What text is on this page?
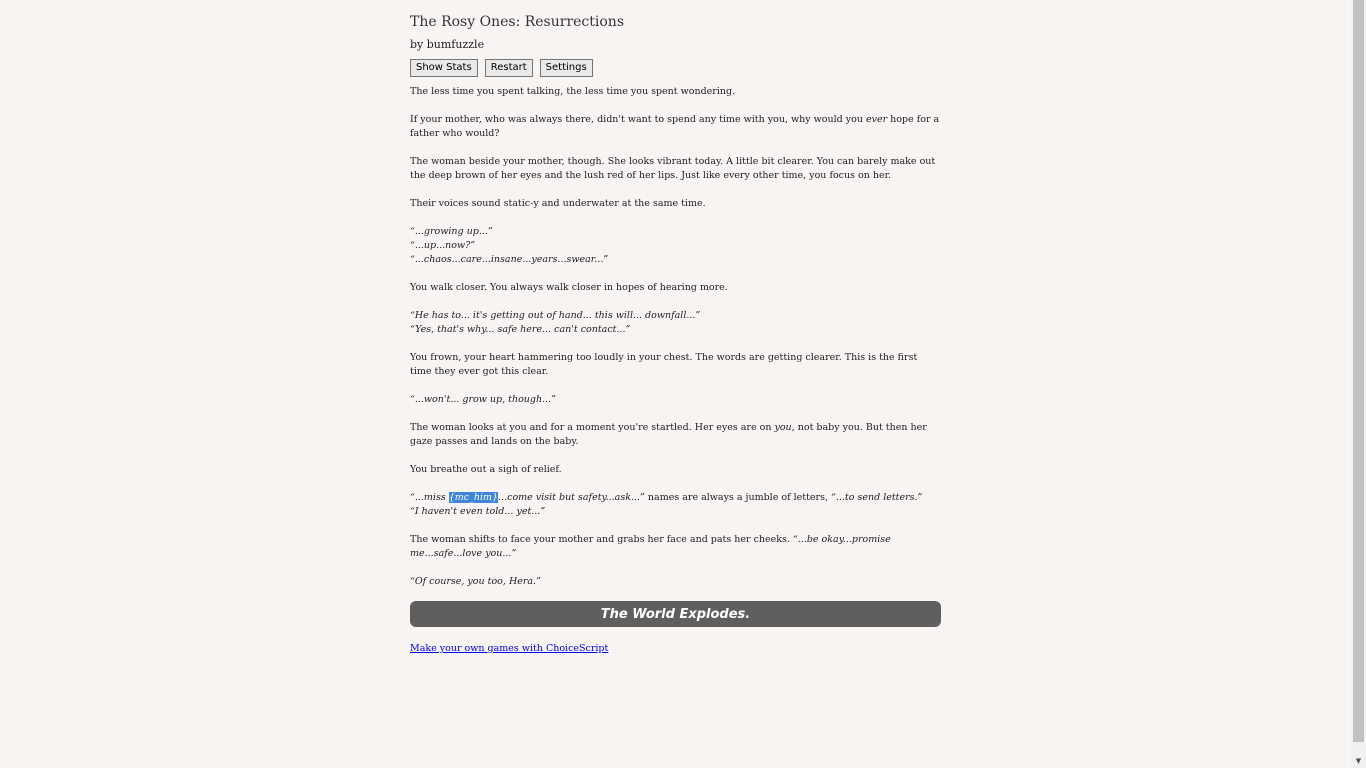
The Rosy Ones: Resurrections
by bumfuzzle
Show Stats	Restart	Settings

The less time you spent talking, the less time you spent wondering.

If your mother, who was always there, didn't want to spend any time with you, why would you ever hope for a father who would?

The woman beside your mother, though. She looks vibrant today. A little bit clearer. You can barely make out the deep brown of her eyes and the lush red of her lips. Just like every other time, you focus on her.

Their voices sound static-y and underwater at the same time.

“...growing up...”
“...up...now?”
“...chaos...care...insane...years...swear...”

You walk closer. You always walk closer in hopes of hearing more.

“He has to... it's getting out of hand... this will... downfall...”
“Yes, that's why... safe here... can't contact...”

You frown, your heart hammering too loudly in your chest. The words are getting clearer. This is the first time they ever got this clear.

“...won't... grow up, though...”

The woman looks at you and for a moment you're startled. Her eyes are on you, not baby you. But then her gaze passes and lands on the baby.

You breathe out a sigh of relief.

“...miss {mc_him}...come visit but safety...ask...” names are always a jumble of letters, “...to send letters.”
“I haven't even told... yet...”

The woman shifts to face your mother and grabs her face and pats her cheeks. “...be okay...promise me...safe...love you...”

“Of course, you too, Hera.”

The World Explodes.
Make your own games with ChoiceScript
▼
